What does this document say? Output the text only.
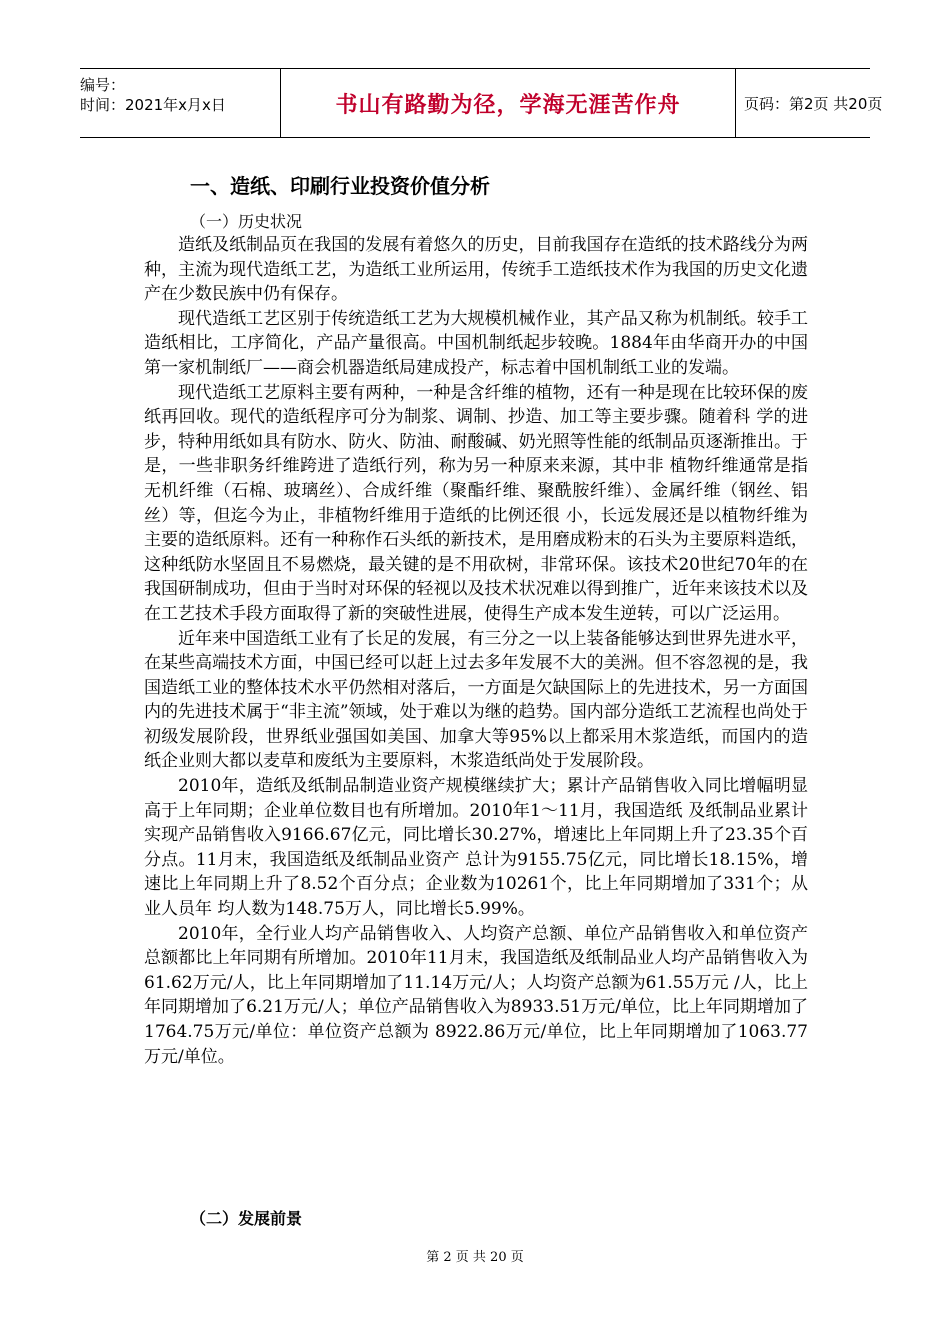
编号：
时间：2021年x月x日	书山有路勤为径，学海无涯苦作舟	页码：第2页 共20页
一、造纸、印刷行业投资价值分析
（一）历史状况

造纸及纸制品页在我国的发展有着悠久的历史，目前我国存在造纸的技术路线分为两种，主流为现代造纸工艺，为造纸工业所运用，传统手工造纸技术作为我国的历史文化遗产在少数民族中仍有保存。

现代造纸工艺区别于传统造纸工艺为大规模机械作业，其产品又称为机制纸。较手工造纸相比，工序简化，产品产量很高。中国机制纸起步较晚。1884年由华商开办的中国第一家机制纸厂——商会机器造纸局建成投产，标志着中国机制纸工业的发端。

现代造纸工艺原料主要有两种，一种是含纤维的植物，还有一种是现在比较环保的废纸再回收。现代的造纸程序可分为制浆、调制、抄造、加工等主要步骤。随着科 学的进步，特种用纸如具有防水、防火、防油、耐酸碱、奶光照等性能的纸制品页逐渐推出。于是，一些非职务纤维跨进了造纸行列，称为另一种原来来源，其中非 植物纤维通常是指无机纤维（石棉、玻璃丝）、合成纤维（聚酯纤维、聚酰胺纤维）、金属纤维（钢丝、铝丝）等，但迄今为止，非植物纤维用于造纸的比例还很 小，长远发展还是以植物纤维为主要的造纸原料。还有一种称作石头纸的新技术，是用磨成粉末的石头为主要原料造纸，这种纸防水坚固且不易燃烧，最关键的是不用砍树，非常环保。该技术20世纪70年的在我国研制成功，但由于当时对环保的轻视以及技术状况难以得到推广，近年来该技术以及在工艺技术手段方面取得了新的突破性进展，使得生产成本发生逆转，可以广泛运用。

近年来中国造纸工业有了长足的发展，有三分之一以上装备能够达到世界先进水平，在某些高端技术方面，中国已经可以赶上过去多年发展不大的美洲。但不容忽视的是，我国造纸工业的整体技术水平仍然相对落后，一方面是欠缺国际上的先进技术，另一方面国内的先进技术属于“非主流”领域，处于难以为继的趋势。国内部分造纸工艺流程也尚处于初级发展阶段，世界纸业强国如美国、加拿大等95%以上都采用木浆造纸，而国内的造纸企业则大都以麦草和废纸为主要原料，木浆造纸尚处于发展阶段。

2010年，造纸及纸制品制造业资产规模继续扩大；累计产品销售收入同比增幅明显高于上年同期；企业单位数目也有所增加。2010年1～11月，我国造纸 及纸制品业累计实现产品销售收入9166.67亿元，同比增长30.27%，增速比上年同期上升了23.35个百分点。11月末，我国造纸及纸制品业资产 总计为9155.75亿元，同比增长18.15%，增速比上年同期上升了8.52个百分点；企业数为10261个，比上年同期增加了331个；从业人员年 均人数为148.75万人，同比增长5.99%。

2010年，全行业人均产品销售收入、人均资产总额、单位产品销售收入和单位资产总额都比上年同期有所增加。2010年11月末，我国造纸及纸制品业人均产品销售收入为61.62万元/人，比上年同期增加了11.14万元/人；人均资产总额为61.55万元 /人，比上年同期增加了6.21万元/人；单位产品销售收入为8933.51万元/单位，比上年同期增加了1764.75万元/单位：单位资产总额为 8922.86万元/单位，比上年同期增加了1063.77万元/单位。

（二）发展前景
第 2 页 共 20 页
